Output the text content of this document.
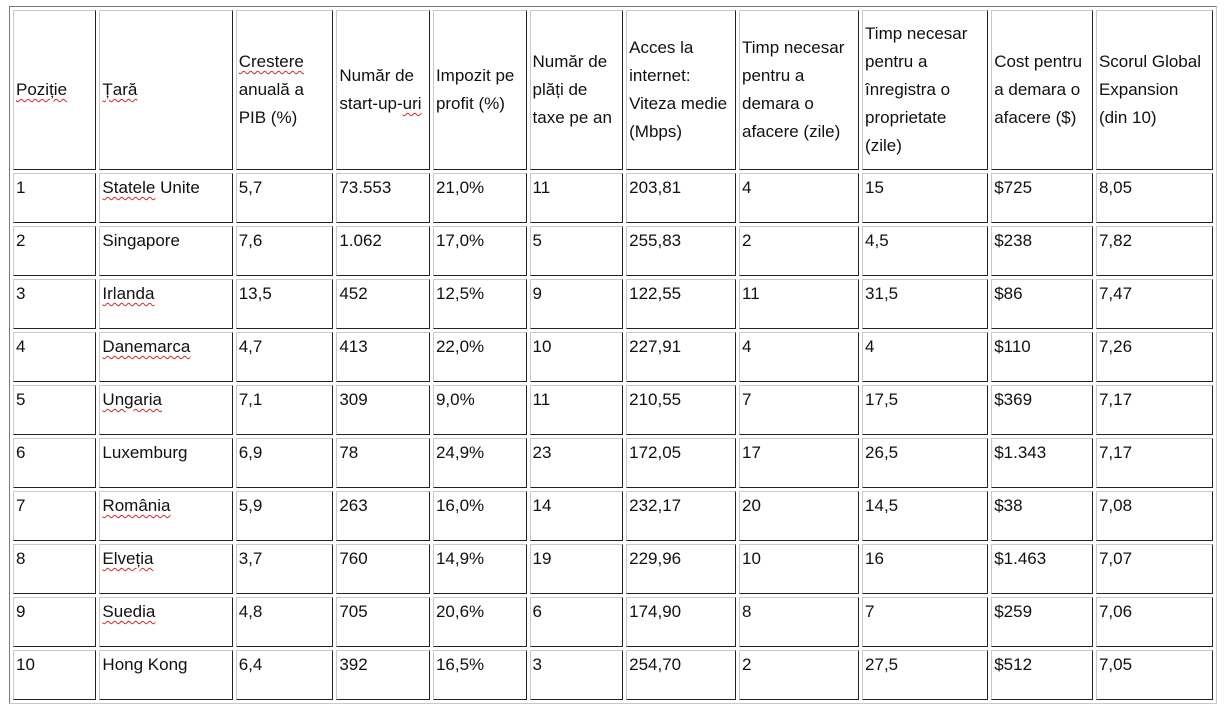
Poziție	Țară	Crestere anuală a PIB (%)	Număr de start-up-uri	Impozit pe profit (%)	Număr de plăți de taxe pe an	Acces la internet: Viteza medie (Mbps)	Timp necesar pentru a demara o afacere (zile)	Timp necesar pentru a înregistra o proprietate (zile)	Cost pentru a demara o afacere ($)	Scorul Global Expansion (din 10)
1	Statele Unite	5,7	73.553	21,0%	11	203,81	4	15	$725	8,05
2	Singapore	7,6	1.062	17,0%	5	255,83	2	4,5	$238	7,82
3	Irlanda	13,5	452	12,5%	9	122,55	11	31,5	$86	7,47
4	Danemarca	4,7	413	22,0%	10	227,91	4	4	$110	7,26
5	Ungaria	7,1	309	9,0%	11	210,55	7	17,5	$369	7,17
6	Luxemburg	6,9	78	24,9%	23	172,05	17	26,5	$1.343	7,17
7	România	5,9	263	16,0%	14	232,17	20	14,5	$38	7,08
8	Elveția	3,7	760	14,9%	19	229,96	10	16	$1.463	7,07
9	Suedia	4,8	705	20,6%	6	174,90	8	7	$259	7,06
10	Hong Kong	6,4	392	16,5%	3	254,70	2	27,5	$512	7,05
